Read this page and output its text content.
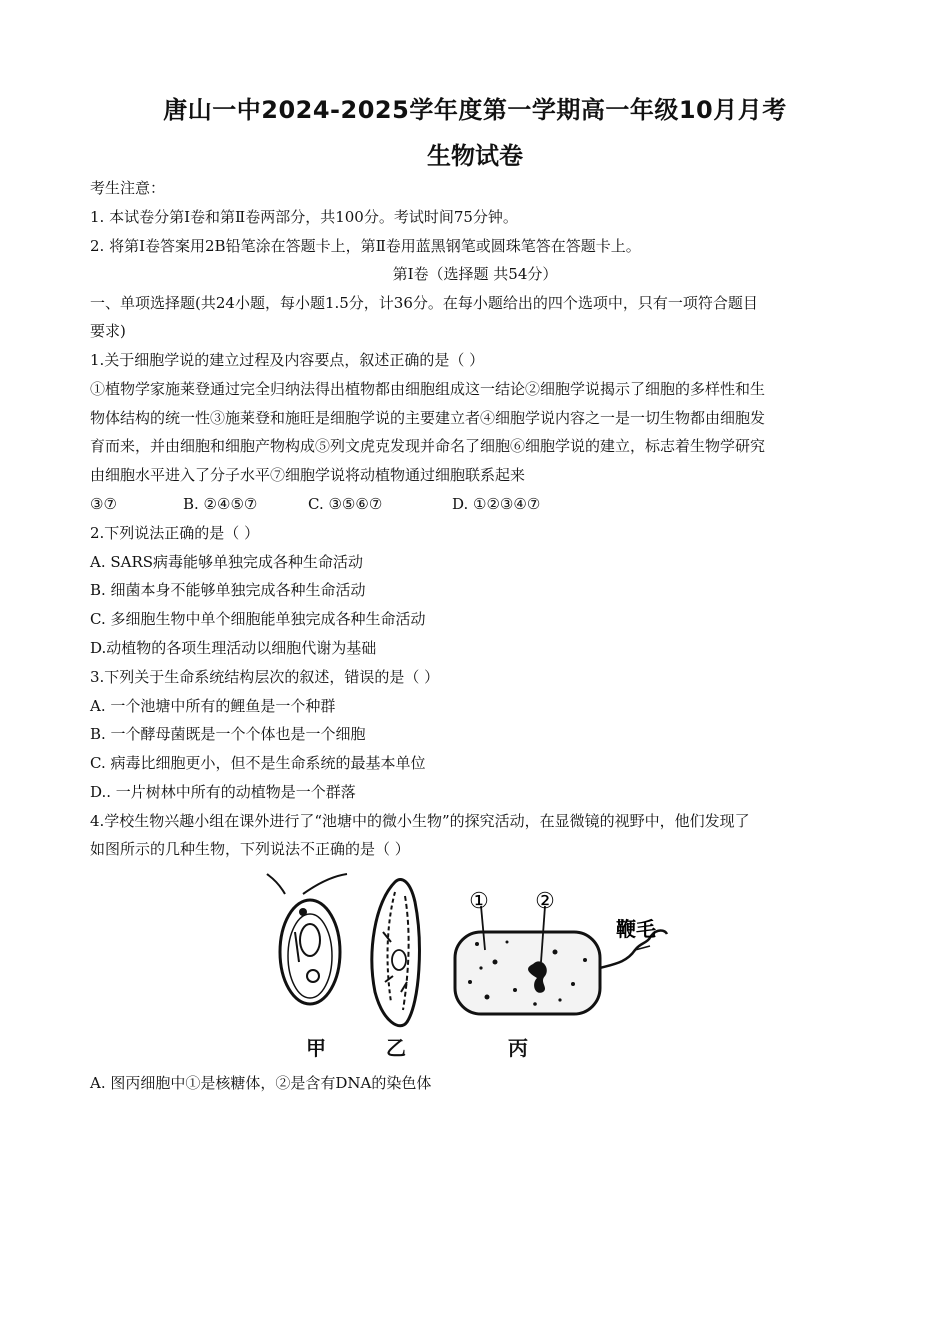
唐山一中2024-2025学年度第一学期高一年级10月月考
生物试卷
考生注意：
1. 本试卷分第Ⅰ卷和第Ⅱ卷两部分，共100分。考试时间75分钟。
2. 将第Ⅰ卷答案用2B铅笔涂在答题卡上，第Ⅱ卷用蓝黑钢笔或圆珠笔答在答题卡上。
第Ⅰ卷（选择题 共54分）
一、单项选择题(共24小题，每小题1.5分，计36分。在每小题给出的四个选项中，只有一项符合题目
要求)
1.关于细胞学说的建立过程及内容要点，叙述正确的是（ ）
①植物学家施莱登通过完全归纳法得出植物都由细胞组成这一结论②细胞学说揭示了细胞的多样性和生
物体结构的统一性③施莱登和施旺是细胞学说的主要建立者④细胞学说内容之一是一切生物都由细胞发
育而来，并由细胞和细胞产物构成⑤列文虎克发现并命名了细胞⑥细胞学说的建立，标志着生物学研究
由细胞水平进入了分子水平⑦细胞学说将动植物通过细胞联系起来
③⑦	B. ②④⑤⑦	C. ③⑤⑥⑦	D. ①②③④⑦
2.下列说法正确的是（ ）
A. SARS病毒能够单独完成各种生命活动
B. 细菌本身不能够单独完成各种生命活动
C. 多细胞生物中单个细胞能单独完成各种生命活动
D.动植物的各项生理活动以细胞代谢为基础
3.下列关于生命系统结构层次的叙述，错误的是（ ）
A. 一个池塘中所有的鲤鱼是一个种群
B. 一个酵母菌既是一个个体也是一个细胞
C. 病毒比细胞更小，但不是生命系统的最基本单位
D.. 一片树林中所有的动植物是一个群落
4.学校生物兴趣小组在课外进行了“池塘中的微小生物”的探究活动，在显微镜的视野中，他们发现了
如图所示的几种生物，下列说法不正确的是（ ）
① ②
鞭毛
甲	乙	丙
A. 图丙细胞中①是核糖体，②是含有DNA的染色体
